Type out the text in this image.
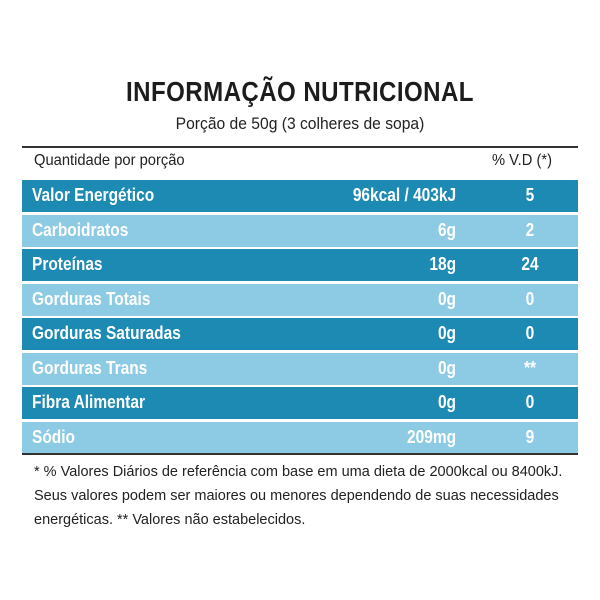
INFORMAÇÃO NUTRICIONAL
Porção de 50g (3 colheres de sopa)
Quantidade por porção	% V.D (*)
Valor Energético	96kcal / 403kJ	5
Carboidratos	6g	2
Proteínas	18g	24
Gorduras Totais	0g	0
Gorduras Saturadas	0g	0
Gorduras Trans	0g	**
Fibra Alimentar	0g	0
Sódio	209mg	9
* % Valores Diários de referência com base em uma dieta de 2000kcal ou 8400kJ. Seus valores podem ser maiores ou menores dependendo de suas necessidades energéticas. ** Valores não estabelecidos.
